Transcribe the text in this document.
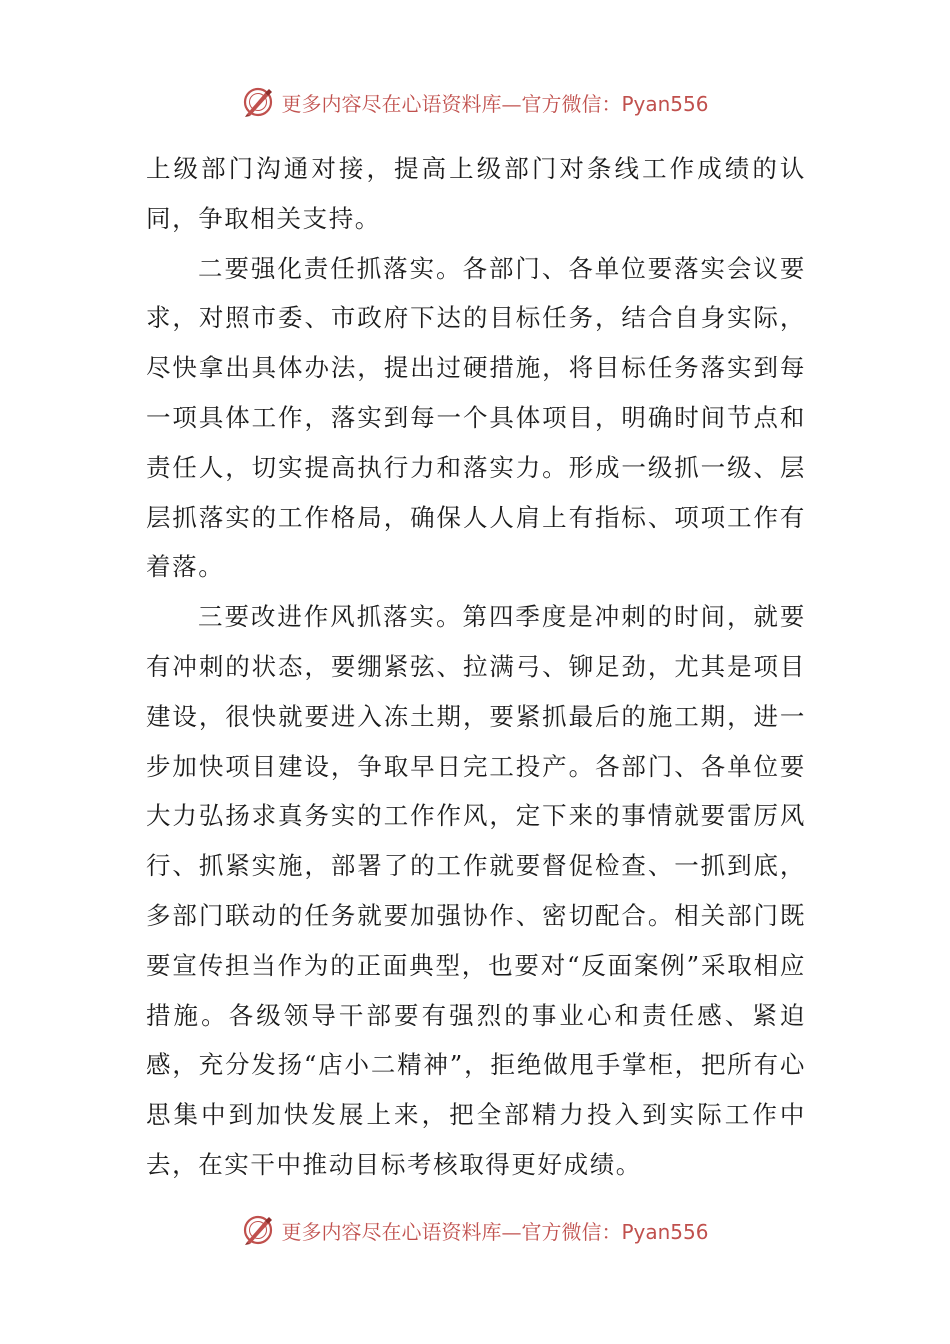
更多内容尽在心语资料库—官方微信：Pyan556

上级部门沟通对接，提高上级部门对条线工作成绩的认同，争取相关支持。

二要强化责任抓落实。各部门、各单位要落实会议要求，对照市委、市政府下达的目标任务，结合自身实际，尽快拿出具体办法，提出过硬措施，将目标任务落实到每一项具体工作，落实到每一个具体项目，明确时间节点和责任人，切实提高执行力和落实力。形成一级抓一级、层层抓落实的工作格局，确保人人肩上有指标、项项工作有着落。

三要改进作风抓落实。第四季度是冲刺的时间，就要有冲刺的状态，要绷紧弦、拉满弓、铆足劲，尤其是项目建设，很快就要进入冻土期，要紧抓最后的施工期，进一步加快项目建设，争取早日完工投产。各部门、各单位要大力弘扬求真务实的工作作风，定下来的事情就要雷厉风行、抓紧实施，部署了的工作就要督促检查、一抓到底，多部门联动的任务就要加强协作、密切配合。相关部门既要宣传担当作为的正面典型，也要对“反面案例”采取相应措施。各级领导干部要有强烈的事业心和责任感、紧迫感，充分发扬“店小二精神”，拒绝做甩手掌柜，把所有心思集中到加快发展上来，把全部精力投入到实际工作中去，在实干中推动目标考核取得更好成绩。

更多内容尽在心语资料库—官方微信：Pyan556
